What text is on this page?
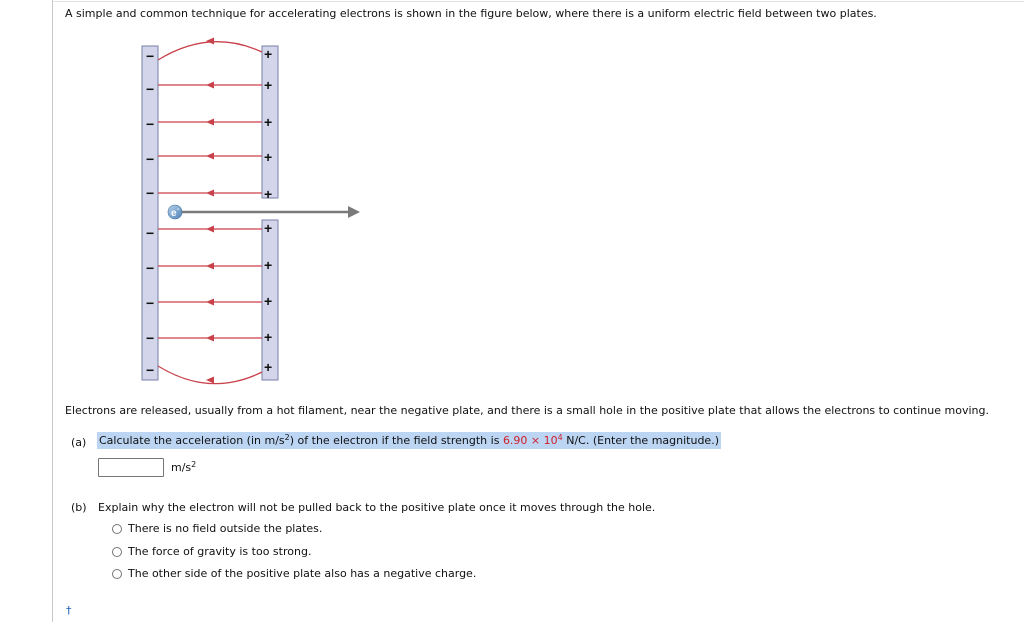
A simple and common technique for accelerating electrons is shown in the figure below, where there is a uniform electric field between two plates.
−
−
−
−
−
−
−
−
−
−
+
+
+
+
+
+
+
+
+
+
e -
Electrons are released, usually from a hot filament, near the negative plate, and there is a small hole in the positive plate that allows the electrons to continue moving.
(a) Calculate the acceleration (in $m/s^2$) of the electron if the field strength is $6.90 \times 10^4$ N/C. (Enter the magnitude.)
$m/s^2$
(b) Explain why the electron will not be pulled back to the positive plate once it moves through the hole.
There is no field outside the plates.
The force of gravity is too strong.
The other side of the positive plate also has a negative charge.
†
